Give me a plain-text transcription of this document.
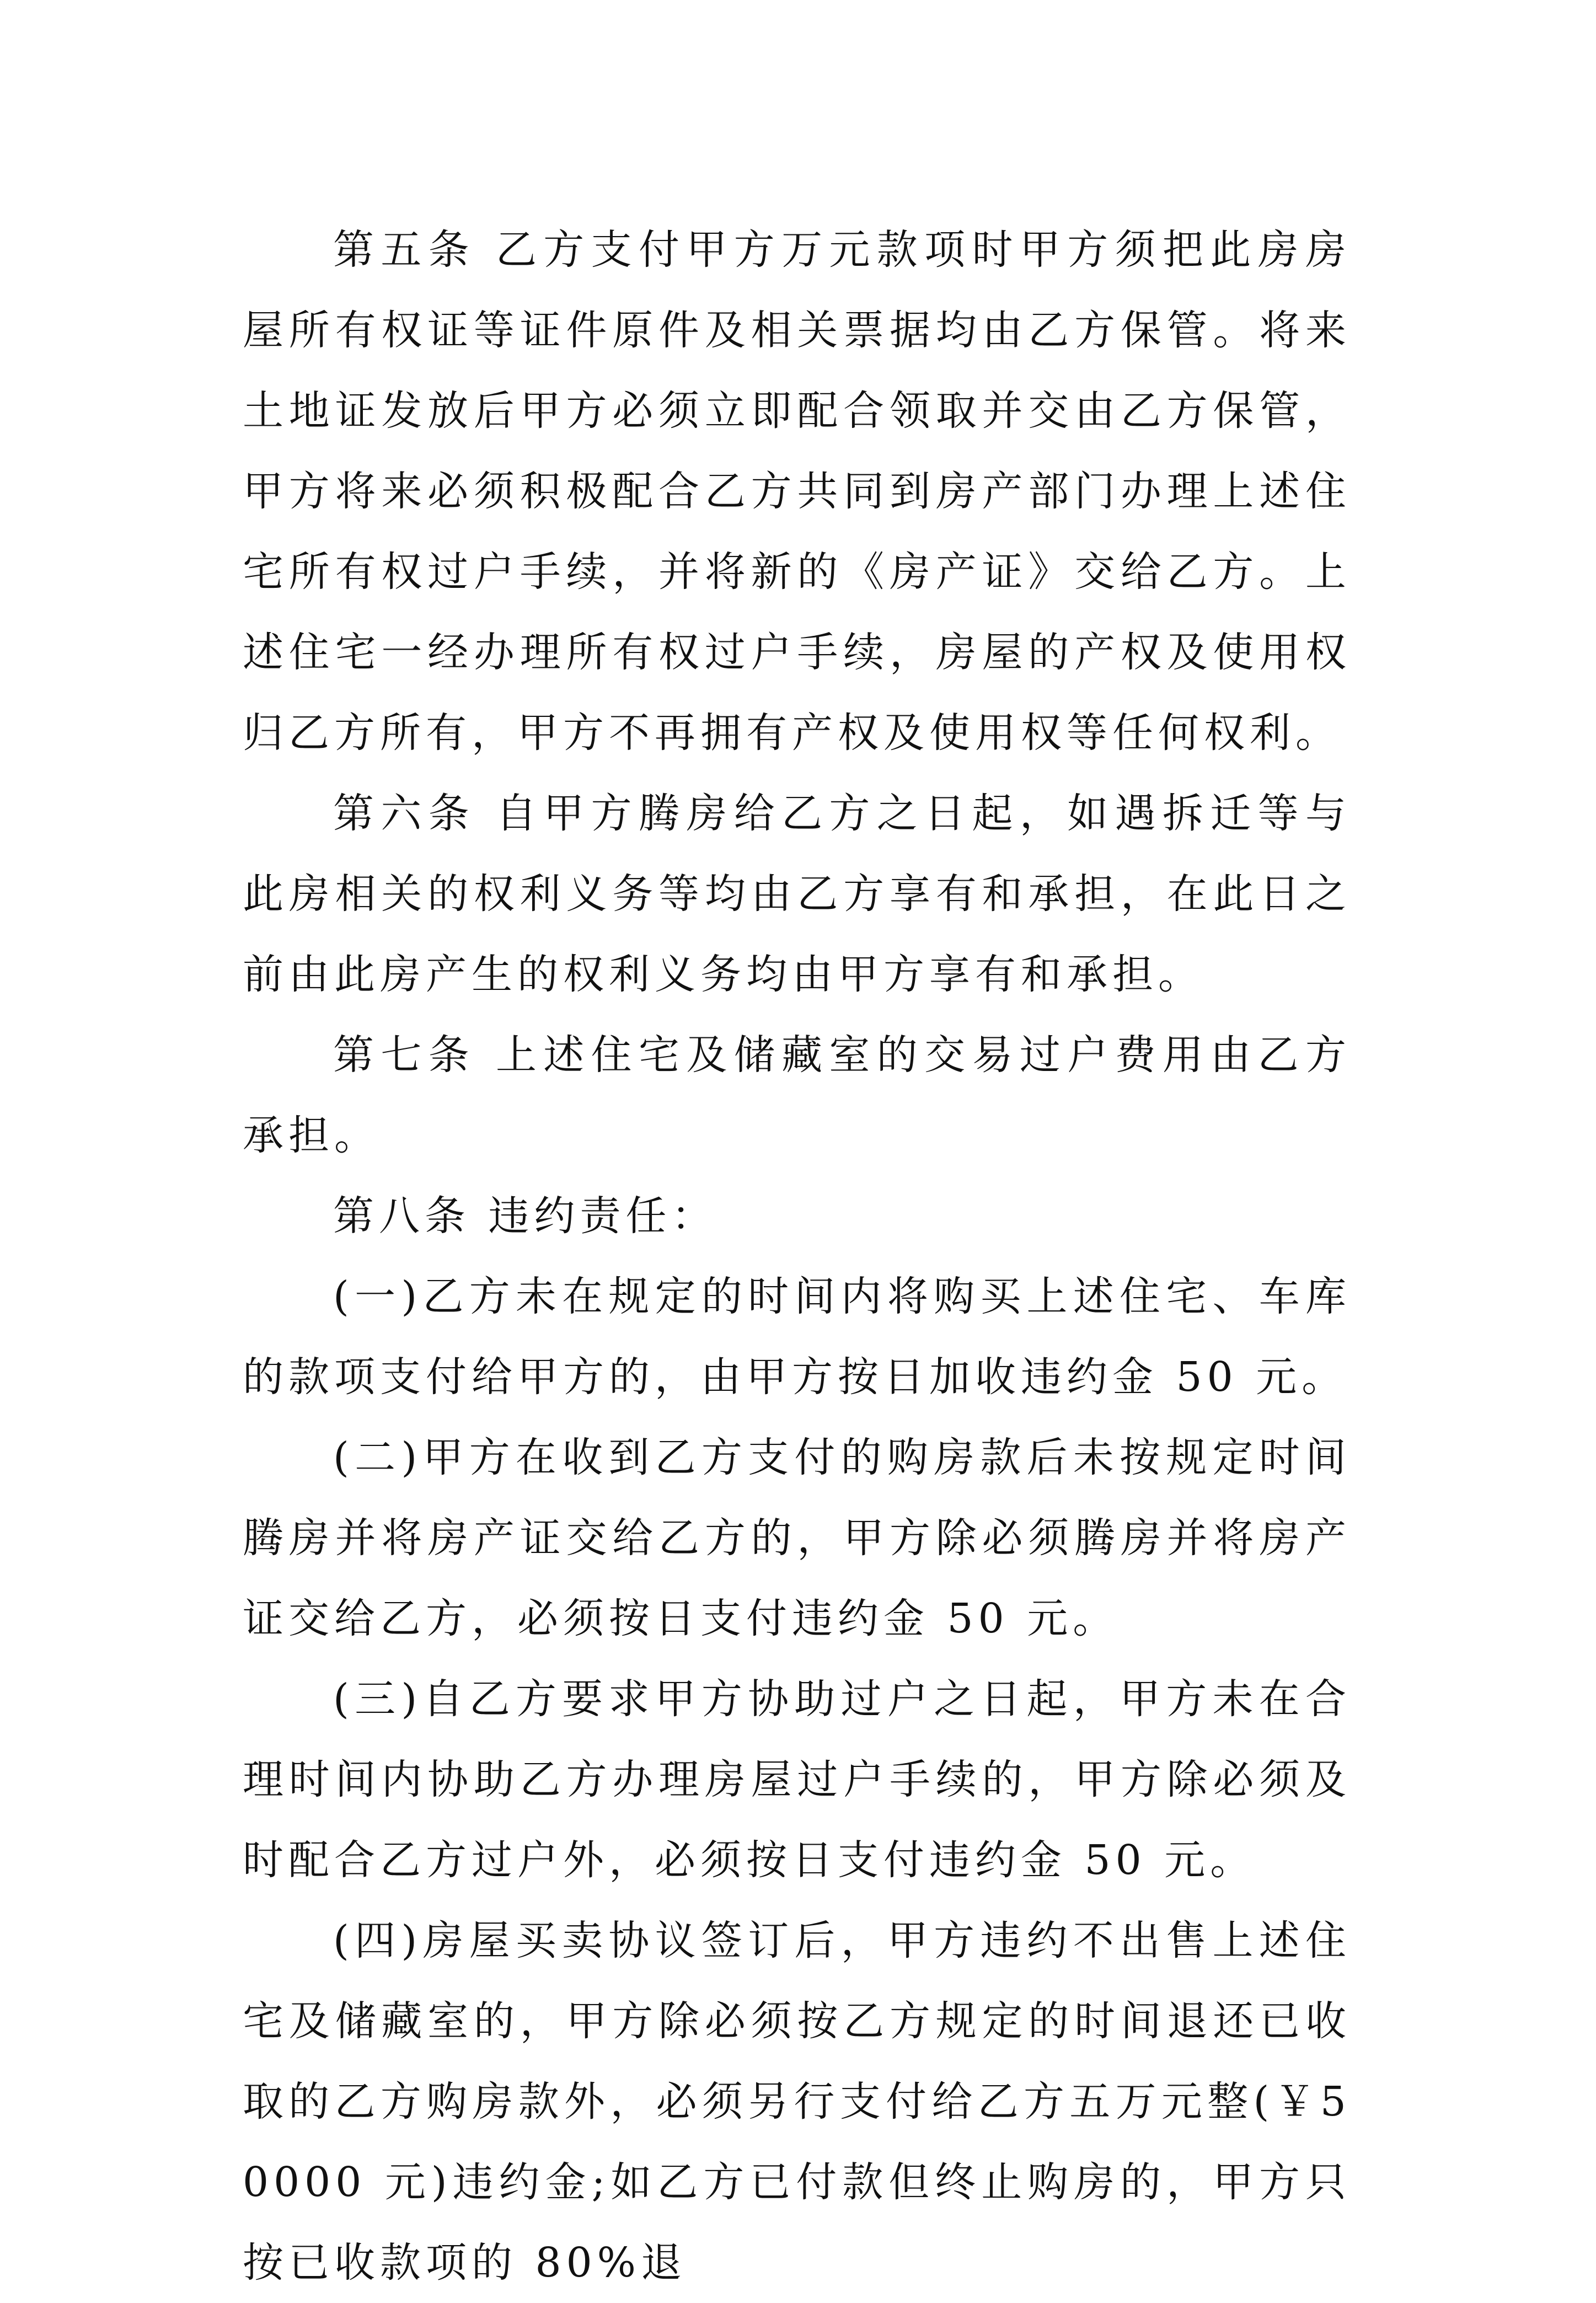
第五条 乙方支付甲方万元款项时甲方须把此房房屋所有权证等证件原件及相关票据均由乙方保管。将来土地证发放后甲方必须立即配合领取并交由乙方保管，甲方将来必须积极配合乙方共同到房产部门办理上述住宅所有权过户手续，并将新的《房产证》交给乙方。上述住宅一经办理所有权过户手续，房屋的产权及使用权归乙方所有，甲方不再拥有产权及使用权等任何权利。

第六条 自甲方腾房给乙方之日起，如遇拆迁等与此房相关的权利义务等均由乙方享有和承担，在此日之前由此房产生的权利义务均由甲方享有和承担。

第七条 上述住宅及储藏室的交易过户费用由乙方承担。

第八条 违约责任：

(一)乙方未在规定的时间内将购买上述住宅、车库的款项支付给甲方的，由甲方按日加收违约金 50 元。

(二)甲方在收到乙方支付的购房款后未按规定时间腾房并将房产证交给乙方的，甲方除必须腾房并将房产证交给乙方，必须按日支付违约金 50 元。

(三)自乙方要求甲方协助过户之日起，甲方未在合理时间内协助乙方办理房屋过户手续的，甲方除必须及时配合乙方过户外，必须按日支付违约金 50 元。

(四)房屋买卖协议签订后，甲方违约不出售上述住宅及储藏室的，甲方除必须按乙方规定的时间退还已收取的乙方购房款外，必须另行支付给乙方五万元整(￥50000 元)违约金;如乙方已付款但终止购房的，甲方只按已收款项的 80%退
